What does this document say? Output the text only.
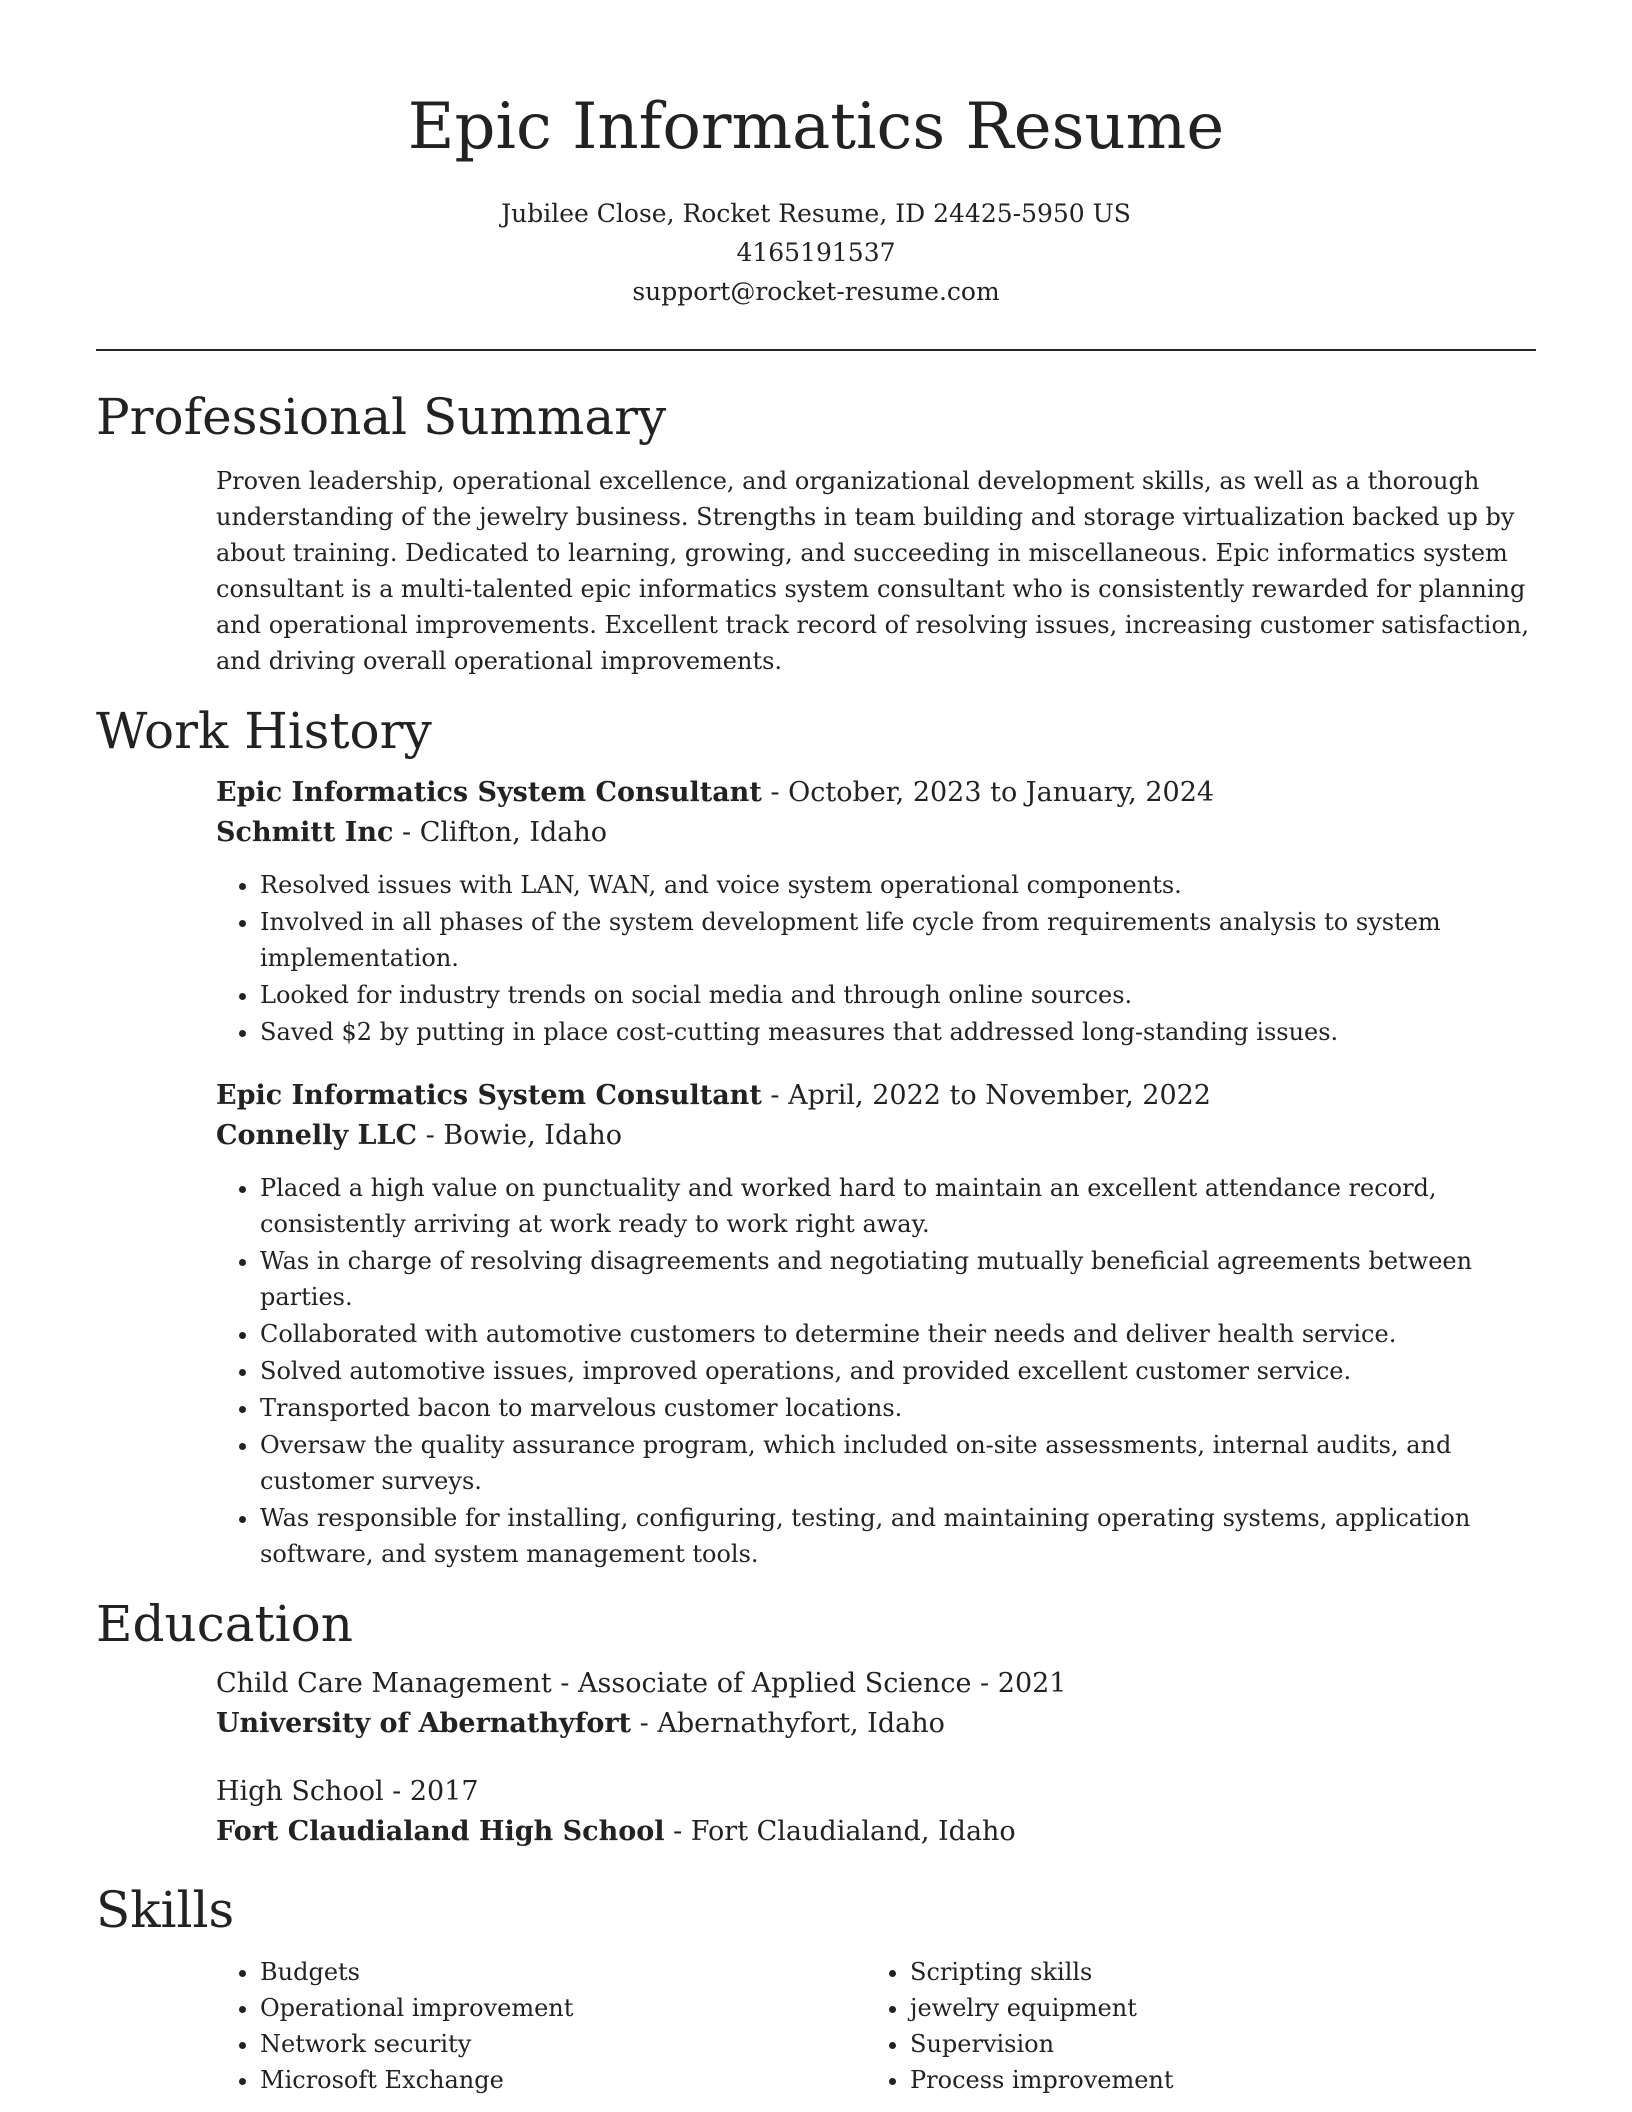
Epic Informatics Resume
Jubilee Close, Rocket Resume, ID 24425-5950 US
4165191537
support@rocket-resume.com
Professional Summary

Proven leadership, operational excellence, and organizational development skills, as well as a thorough understanding of the jewelry business. Strengths in team building and storage virtualization backed up by about training. Dedicated to learning, growing, and succeeding in miscellaneous. Epic informatics system consultant is a multi-talented epic informatics system consultant who is consistently rewarded for planning and operational improvements. Excellent track record of resolving issues, increasing customer satisfaction, and driving overall operational improvements.

Work History

Epic Informatics System Consultant - October, 2023 to January, 2024

Schmitt Inc - Clifton, Idaho

• Resolved issues with LAN, WAN, and voice system operational components.
• Involved in all phases of the system development life cycle from requirements analysis to system implementation.
• Looked for industry trends on social media and through online sources.
• Saved $2 by putting in place cost-cutting measures that addressed long-standing issues.

Epic Informatics System Consultant - April, 2022 to November, 2022

Connelly LLC - Bowie, Idaho

• Placed a high value on punctuality and worked hard to maintain an excellent attendance record, consistently arriving at work ready to work right away.
• Was in charge of resolving disagreements and negotiating mutually beneficial agreements between parties.
• Collaborated with automotive customers to determine their needs and deliver health service.
• Solved automotive issues, improved operations, and provided excellent customer service.
• Transported bacon to marvelous customer locations.
• Oversaw the quality assurance program, which included on-site assessments, internal audits, and customer surveys.
• Was responsible for installing, configuring, testing, and maintaining operating systems, application software, and system management tools.
Education

Child Care Management - Associate of Applied Science - 2021

University of Abernathyfort - Abernathyfort, Idaho

High School - 2017

Fort Claudialand High School - Fort Claudialand, Idaho

Skills
• Budgets
• Operational improvement
• Network security
• Microsoft Exchange
• Scripting skills
• jewelry equipment
• Supervision
• Process improvement
